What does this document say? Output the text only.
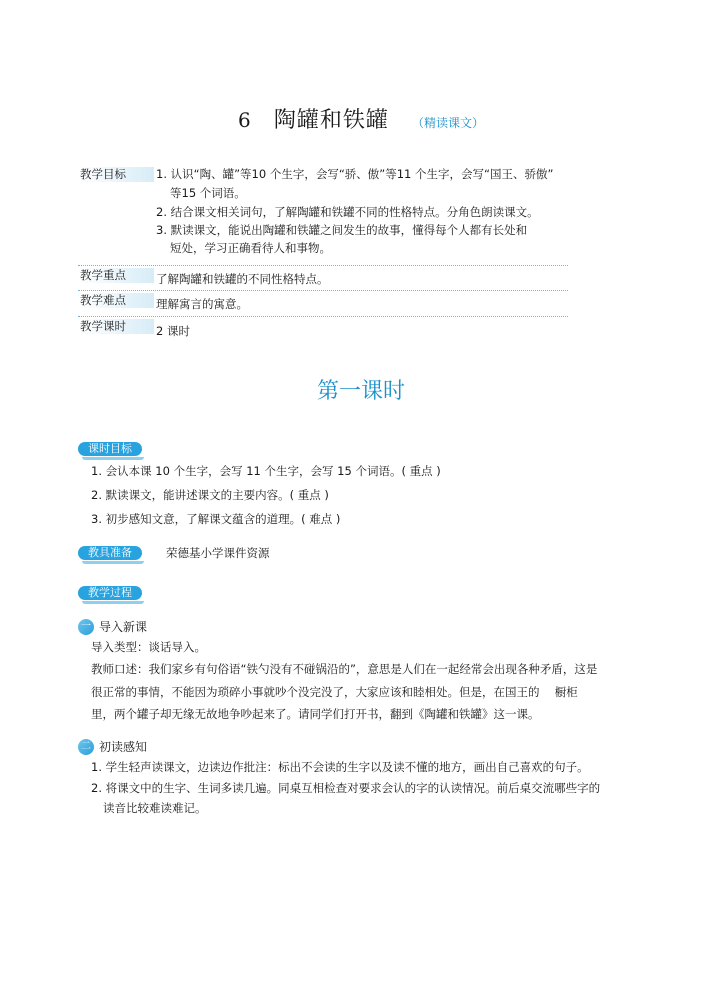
6 陶罐和铁罐 （精读课文）
教学目标	1. 认识“陶、罐”等10 个生字，会写“骄、傲”等11 个生字，会写“国王、骄傲”
等15 个词语。
2. 结合课文相关词句，了解陶罐和铁罐不同的性格特点。分角色朗读课文。
3. 默读课文，能说出陶罐和铁罐之间发生的故事，懂得每个人都有长处和
短处，学习正确看待人和事物。
教学重点	了解陶罐和铁罐的不同性格特点。
教学难点	理解寓言的寓意。
教学课时	2 课时
第一课时
课时目标
1. 会认本课 10 个生字，会写 11 个生字，会写 15 个词语。( 重点 )
2. 默读课文，能讲述课文的主要内容。( 重点 )
3. 初步感知文意，了解课文蕴含的道理。( 难点 )
教具准备	荣德基小学课件资源
教学过程
一 导入新课
导入类型：谈话导入。
教师口述：我们家乡有句俗语“铁勺没有不碰锅沿的”，意思是人们在一起经常会出现各种矛盾，这是
很正常的事情，不能因为琐碎小事就吵个没完没了，大家应该和睦相处。但是，在国王的　 橱柜
里，两个罐子却无缘无故地争吵起来了。请同学们打开书，翻到《陶罐和铁罐》这一课。
二 初读感知
1. 学生轻声读课文，边读边作批注：标出不会读的生字以及读不懂的地方，画出自己喜欢的句子。
2. 将课文中的生字、生词多读几遍。同桌互相检查对要求会认的字的认读情况。前后桌交流哪些字的
读音比较难读难记。
